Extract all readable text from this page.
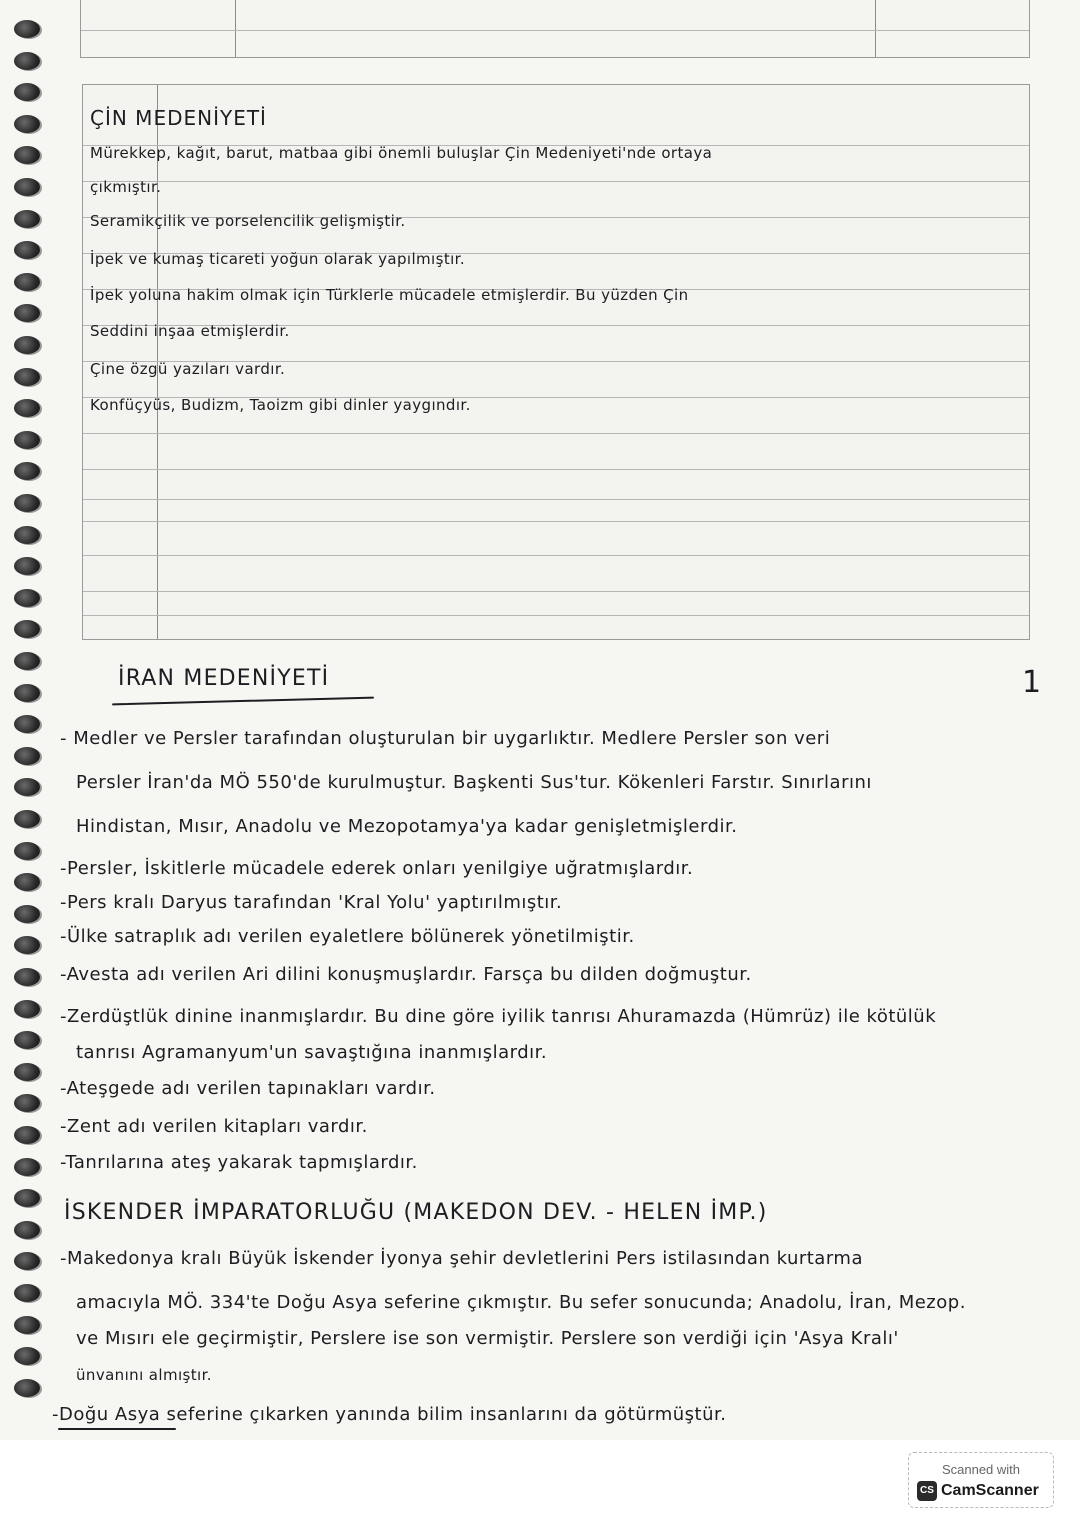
ÇİN MEDENİYETİ
Mürekkep, kağıt, barut, matbaa gibi önemli buluşlar Çin Medeniyeti'nde ortaya
çıkmıştır.
Seramikçilik ve porselencilik gelişmiştir.
İpek ve kumaş ticareti yoğun olarak yapılmıştır.
İpek yoluna hakim olmak için Türklerle mücadele etmişlerdir. Bu yüzden Çin
Seddini inşaa etmişlerdir.
Çine özgü yazıları vardır.
Konfüçyüs, Budizm, Taoizm gibi dinler yaygındır.
İRAN MEDENİYETİ	1
- Medler ve Persler tarafından oluşturulan bir uygarlıktır. Medlere Persler son veri
Persler İran'da MÖ 550'de kurulmuştur. Başkenti Sus'tur. Kökenleri Farstır. Sınırlarını
Hindistan, Mısır, Anadolu ve Mezopotamya'ya kadar genişletmişlerdir.
-Persler, İskitlerle mücadele ederek onları yenilgiye uğratmışlardır.
-Pers kralı Daryus tarafından 'Kral Yolu' yaptırılmıştır.
-Ülke satraplık adı verilen eyaletlere bölünerek yönetilmiştir.
-Avesta adı verilen Ari dilini konuşmuşlardır. Farsça bu dilden doğmuştur.
-Zerdüştlük dinine inanmışlardır. Bu dine göre iyilik tanrısı Ahuramazda (Hümrüz) ile kötülük
tanrısı Agramanyum'un savaştığına inanmışlardır.
-Ateşgede adı verilen tapınakları vardır.
-Zent adı verilen kitapları vardır.
-Tanrılarına ateş yakarak tapmışlardır.
İSKENDER İMPARATORLUĞU (MAKEDON DEV. - HELEN İMP.)
-Makedonya kralı Büyük İskender İyonya şehir devletlerini Pers istilasından kurtarma
amacıyla MÖ. 334'te Doğu Asya seferine çıkmıştır. Bu sefer sonucunda; Anadolu, İran, Mezop.
ve Mısırı ele geçirmiştir, Perslere ise son vermiştir. Perslere son verdiği için 'Asya Kralı'
ünvanını almıştır.
-Doğu Asya seferine çıkarken yanında bilim insanlarını da götürmüştür.
Scanned with
CS CamScanner
